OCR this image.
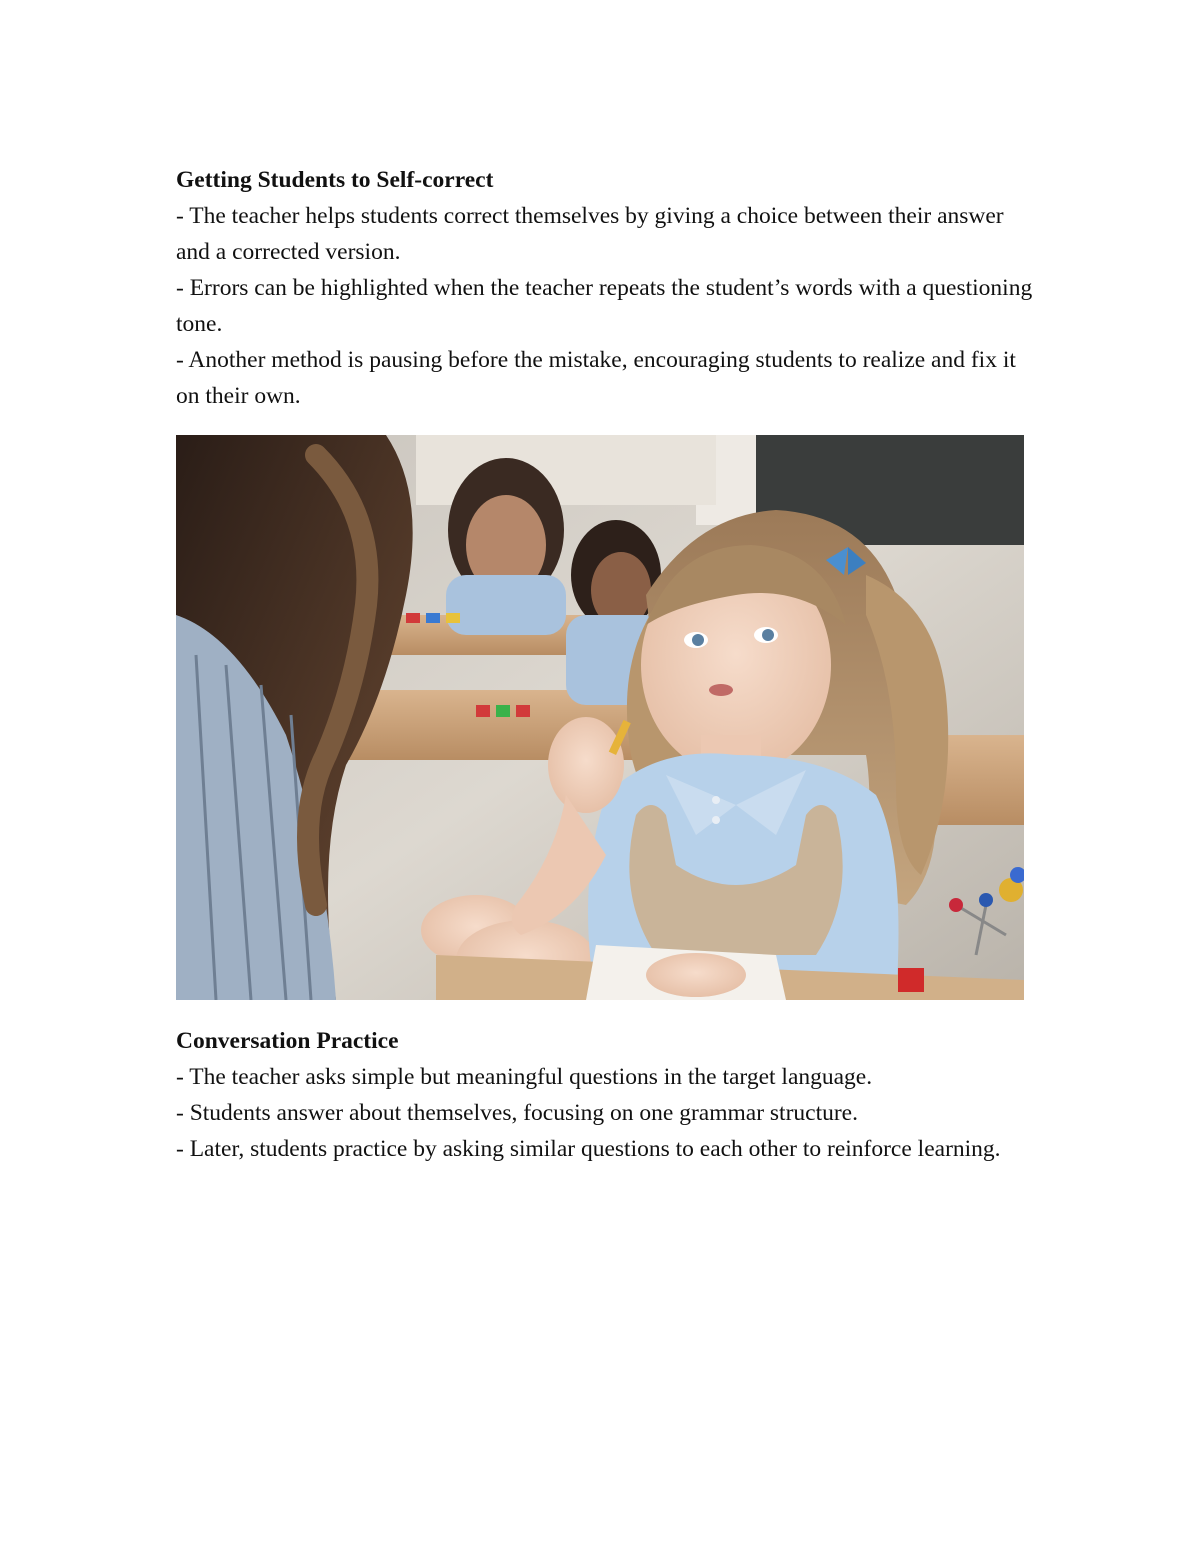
Getting Students to Self-correct

- The teacher helps students correct themselves by giving a choice between their answer and a corrected version.

- Errors can be highlighted when the teacher repeats the student’s words with a questioning tone.

- Another method is pausing before the mistake, encouraging students to realize and fix it on their own.

Conversation Practice

- The teacher asks simple but meaningful questions in the target language.

- Students answer about themselves, focusing on one grammar structure.

- Later, students practice by asking similar questions to each other to reinforce learning.
